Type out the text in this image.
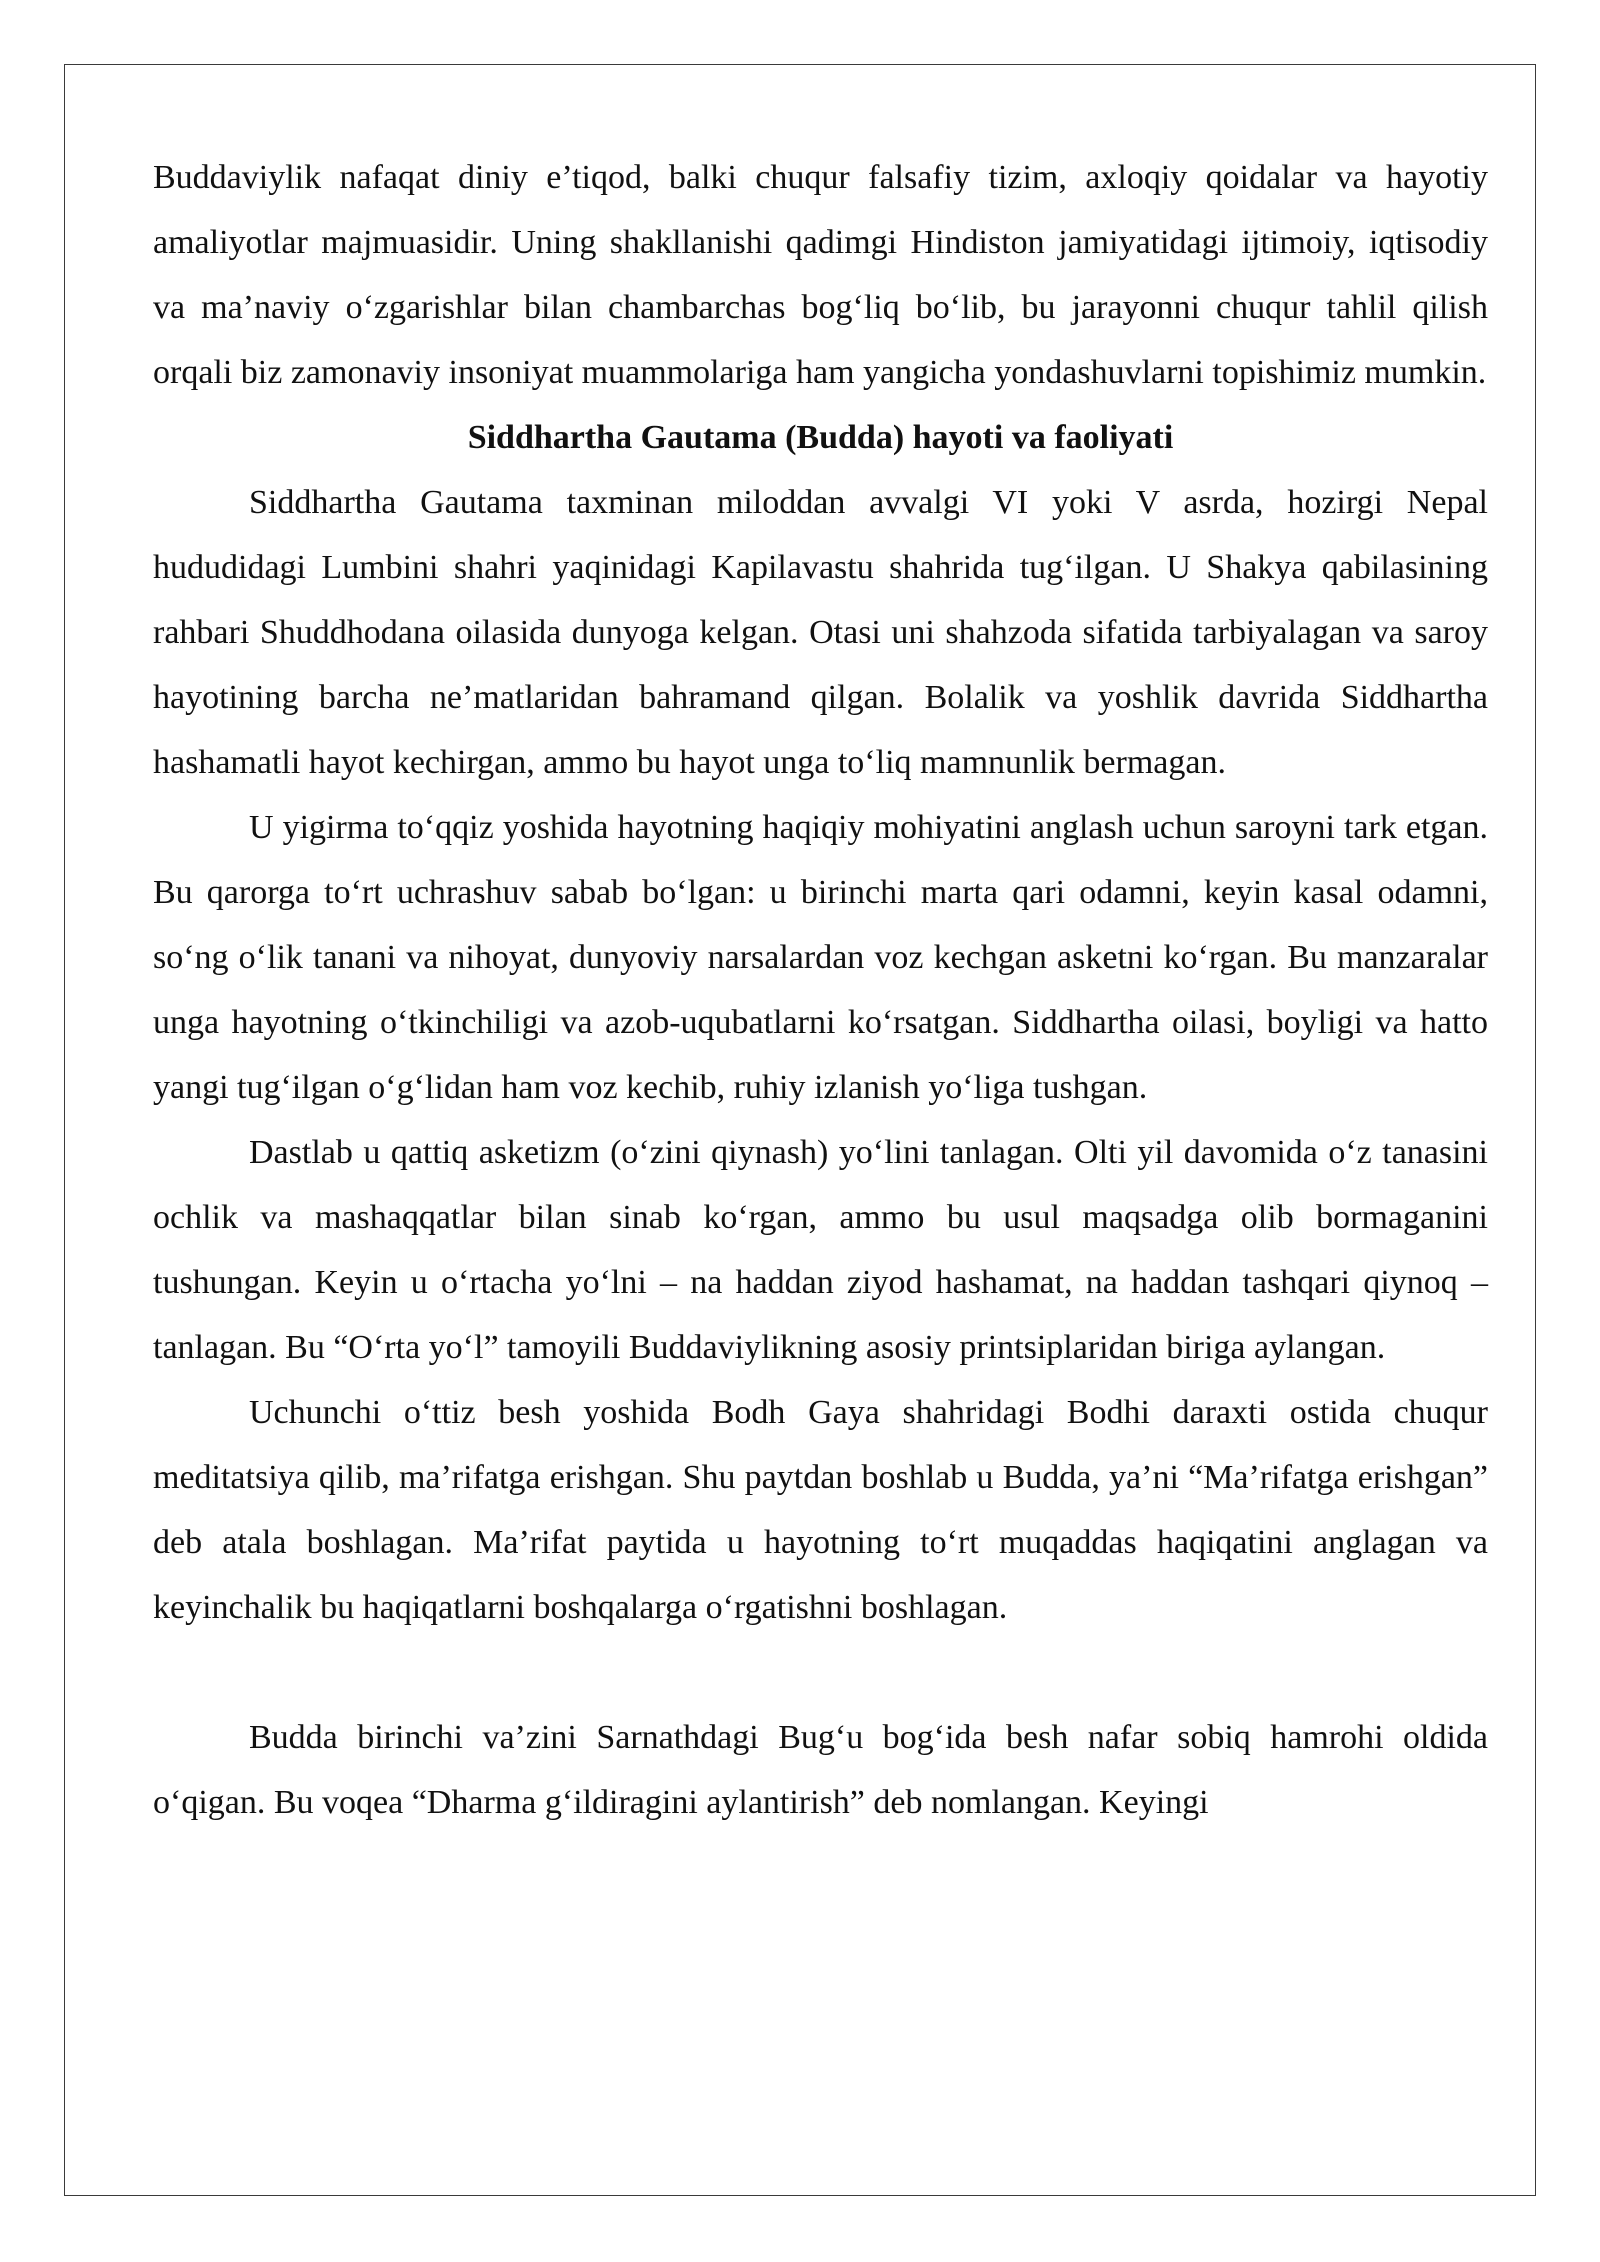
Buddaviylik nafaqat diniy e’tiqod, balki chuqur falsafiy tizim, axloqiy qoidalar va hayotiy amaliyotlar majmuasidir. Uning shakllanishi qadimgi Hindiston jamiyatidagi ijtimoiy, iqtisodiy va ma’naviy o‘zgarishlar bilan chambarchas bog‘liq bo‘lib, bu jarayonni chuqur tahlil qilish orqali biz zamonaviy insoniyat muammolariga ham yangicha yondashuvlarni topishimiz mumkin.

Siddhartha Gautama (Budda) hayoti va faoliyati

Siddhartha Gautama taxminan miloddan avvalgi VI yoki V asrda, hozirgi Nepal hududidagi Lumbini shahri yaqinidagi Kapilavastu shahrida tug‘ilgan. U Shakya qabilasining rahbari Shuddhodana oilasida dunyoga kelgan. Otasi uni shahzoda sifatida tarbiyalagan va saroy hayotining barcha ne’matlaridan bahramand qilgan. Bolalik va yoshlik davrida Siddhartha hashamatli hayot kechirgan, ammo bu hayot unga to‘liq mamnunlik bermagan.

U yigirma to‘qqiz yoshida hayotning haqiqiy mohiyatini anglash uchun saroyni tark etgan. Bu qarorga to‘rt uchrashuv sabab bo‘lgan: u birinchi marta qari odamni, keyin kasal odamni, so‘ng o‘lik tanani va nihoyat, dunyoviy narsalardan voz kechgan asketni ko‘rgan. Bu manzaralar unga hayotning o‘tkinchiligi va azob-uqubatlarni ko‘rsatgan. Siddhartha oilasi, boyligi va hatto yangi tug‘ilgan o‘g‘lidan ham voz kechib, ruhiy izlanish yo‘liga tushgan.

Dastlab u qattiq asketizm (o‘zini qiynash) yo‘lini tanlagan. Olti yil davomida o‘z tanasini ochlik va mashaqqatlar bilan sinab ko‘rgan, ammo bu usul maqsadga olib bormaganini tushungan. Keyin u o‘rtacha yo‘lni – na haddan ziyod hashamat, na haddan tashqari qiynoq – tanlagan. Bu “O‘rta yo‘l” tamoyili Buddaviylikning asosiy printsiplaridan biriga aylangan.

Uchunchi o‘ttiz besh yoshida Bodh Gaya shahridagi Bodhi daraxti ostida chuqur meditatsiya qilib, ma’rifatga erishgan. Shu paytdan boshlab u Budda, ya’ni “Ma’rifatga erishgan” deb atala boshlagan. Ma’rifat paytida u hayotning to‘rt muqaddas haqiqatini anglagan va keyinchalik bu haqiqatlarni boshqalarga o‘rgatishni boshlagan.

Budda birinchi va’zini Sarnathdagi Bug‘u bog‘ida besh nafar sobiq hamrohi oldida o‘qigan. Bu voqea “Dharma g‘ildiragini aylantirish” deb nomlangan. Keyingi
